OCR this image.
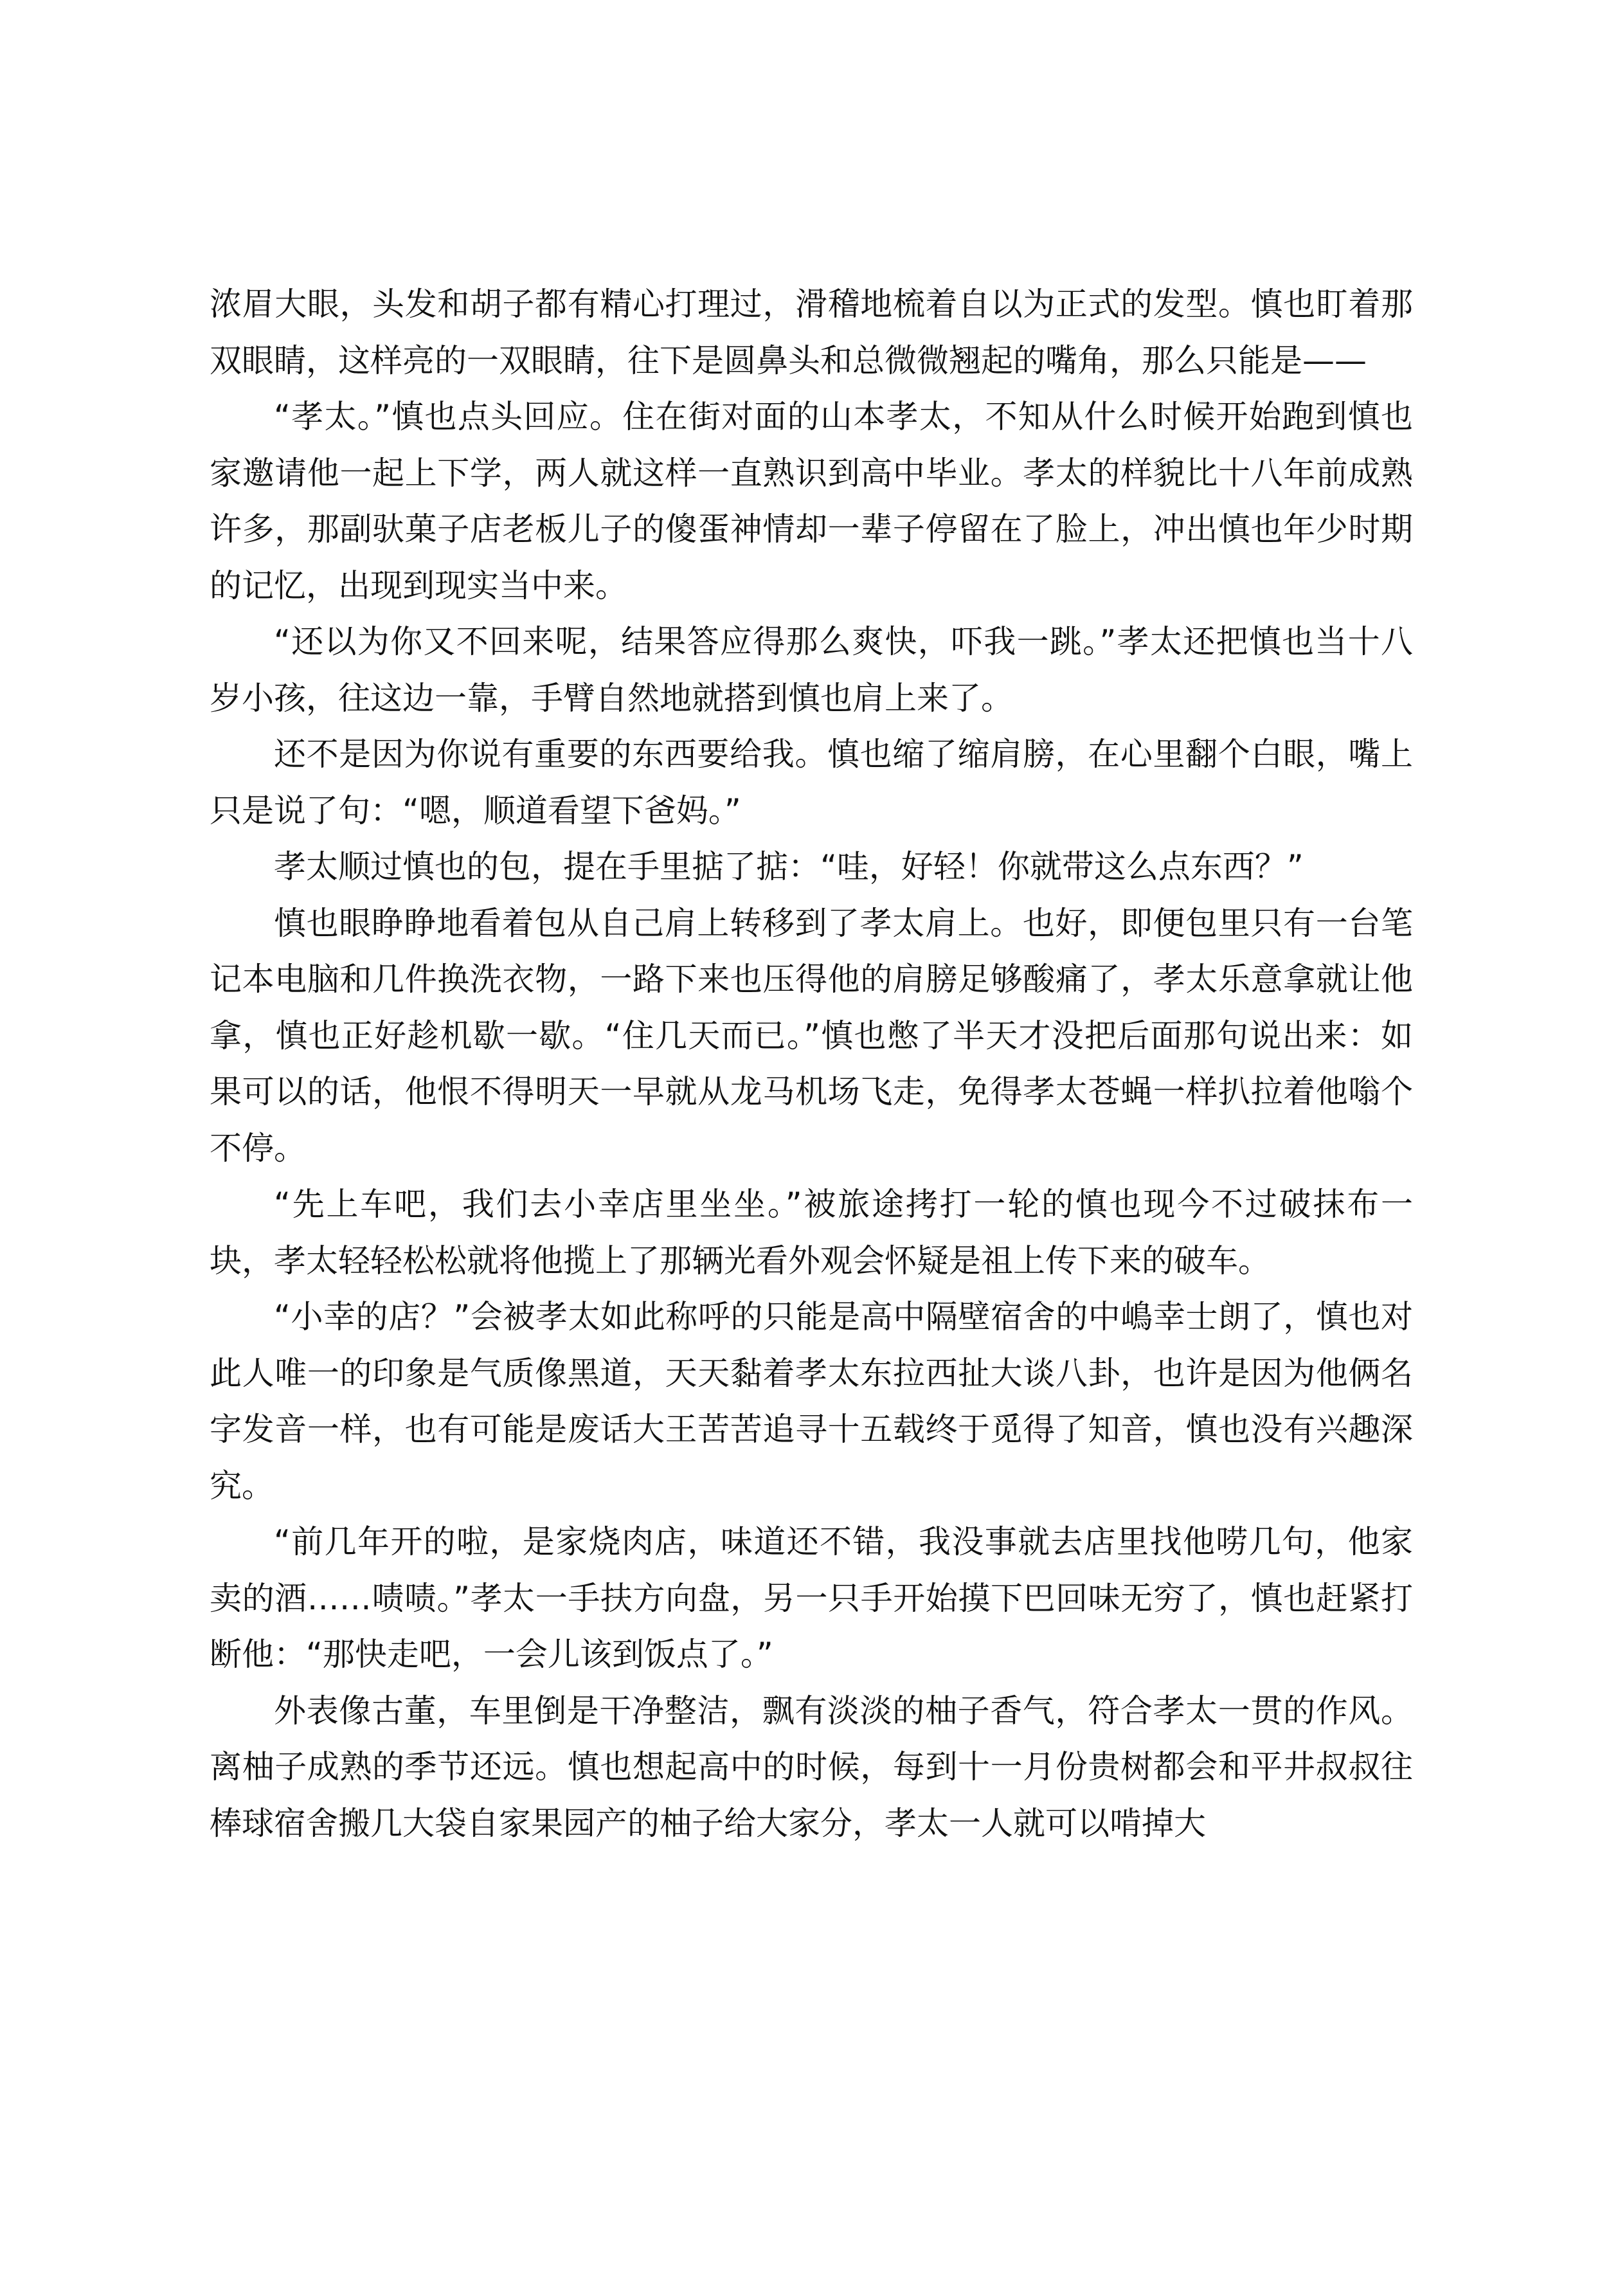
浓眉大眼，头发和胡子都有精心打理过，滑稽地梳着自以为正式的发型。慎也盯着那双眼睛，这样亮的一双眼睛，往下是圆鼻头和总微微翘起的嘴角，那么只能是——

“孝太。”慎也点头回应。住在街对面的山本孝太，不知从什么时候开始跑到慎也家邀请他一起上下学，两人就这样一直熟识到高中毕业。孝太的样貌比十八年前成熟许多，那副驮菓子店老板儿子的傻蛋神情却一辈子停留在了脸上，冲出慎也年少时期的记忆，出现到现实当中来。

“还以为你又不回来呢，结果答应得那么爽快，吓我一跳。”孝太还把慎也当十八岁小孩，往这边一靠，手臂自然地就搭到慎也肩上来了。

还不是因为你说有重要的东西要给我。慎也缩了缩肩膀，在心里翻个白眼，嘴上只是说了句：“嗯，顺道看望下爸妈。”

孝太顺过慎也的包，提在手里掂了掂：“哇，好轻！你就带这么点东西？”

慎也眼睁睁地看着包从自己肩上转移到了孝太肩上。也好，即便包里只有一台笔记本电脑和几件换洗衣物，一路下来也压得他的肩膀足够酸痛了，孝太乐意拿就让他拿，慎也正好趁机歇一歇。“住几天而已。”慎也憋了半天才没把后面那句说出来：如果可以的话，他恨不得明天一早就从龙马机场飞走，免得孝太苍蝇一样扒拉着他嗡个不停。

“先上车吧，我们去小幸店里坐坐。”被旅途拷打一轮的慎也现今不过破抹布一块，孝太轻轻松松就将他揽上了那辆光看外观会怀疑是祖上传下来的破车。

“小幸的店？”会被孝太如此称呼的只能是高中隔壁宿舍的中嶋幸士朗了，慎也对此人唯一的印象是气质像黑道，天天黏着孝太东拉西扯大谈八卦，也许是因为他俩名字发音一样，也有可能是废话大王苦苦追寻十五载终于觅得了知音，慎也没有兴趣深究。

“前几年开的啦，是家烧肉店，味道还不错，我没事就去店里找他唠几句，他家卖的酒……啧啧。”孝太一手扶方向盘，另一只手开始摸下巴回味无穷了，慎也赶紧打断他：“那快走吧，一会儿该到饭点了。”

外表像古董，车里倒是干净整洁，飘有淡淡的柚子香气，符合孝太一贯的作风。离柚子成熟的季节还远。慎也想起高中的时候，每到十一月份贵树都会和平井叔叔往棒球宿舍搬几大袋自家果园产的柚子给大家分，孝太一人就可以啃掉大
